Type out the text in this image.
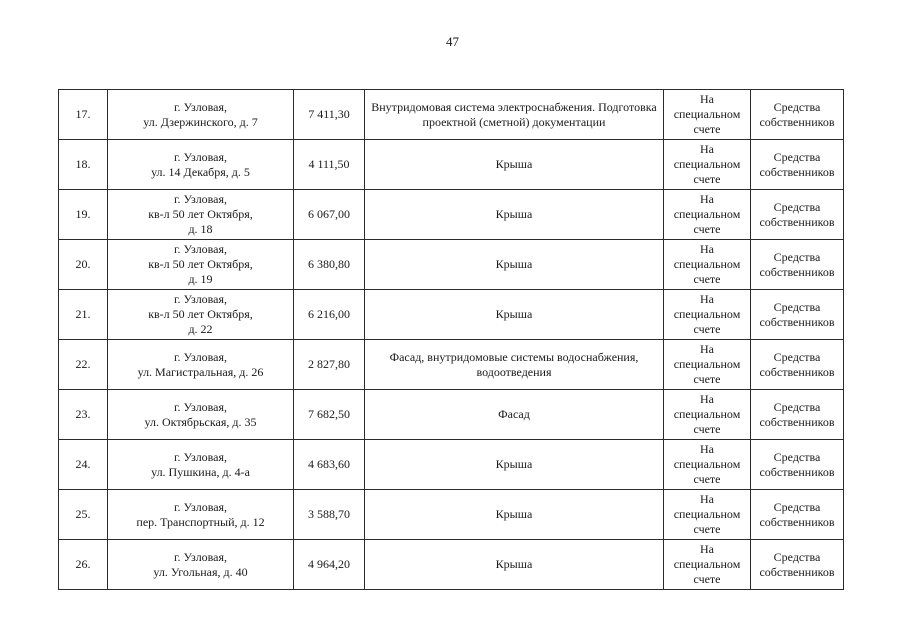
47
17.	г. Узловая,
ул. Дзержинского, д. 7	7 411,30	Внутридомовая система электроснабжения. Подготовка
проектной (сметной) документации	На
специальном
счете	Средства
собственников

18.	г. Узловая,
ул. 14 Декабря, д. 5	4 111,50	Крыша	На
специальном
счете	Средства
собственников

19.	г. Узловая,
кв-л 50 лет Октября,
д. 18	6 067,00	Крыша	На
специальном
счете	Средства
собственников

20.	г. Узловая,
кв-л 50 лет Октября,
д. 19	6 380,80	Крыша	На
специальном
счете	Средства
собственников

21.	г. Узловая,
кв-л 50 лет Октября,
д. 22	6 216,00	Крыша	На
специальном
счете	Средства
собственников

22.	г. Узловая,
ул. Магистральная, д. 26	2 827,80	Фасад, внутридомовые системы водоснабжения,
водоотведения	На
специальном
счете	Средства
собственников

23.	г. Узловая,
ул. Октябрьская, д. 35	7 682,50	Фасад	На
специальном
счете	Средства
собственников

24.	г. Узловая,
ул. Пушкина, д. 4-а	4 683,60	Крыша	На
специальном
счете	Средства
собственников

25.	г. Узловая,
пер. Транспортный, д. 12	3 588,70	Крыша	На
специальном
счете	Средства
собственников

26.	г. Узловая,
ул. Угольная, д. 40	4 964,20	Крыша	На
специальном
счете	Средства
собственников
